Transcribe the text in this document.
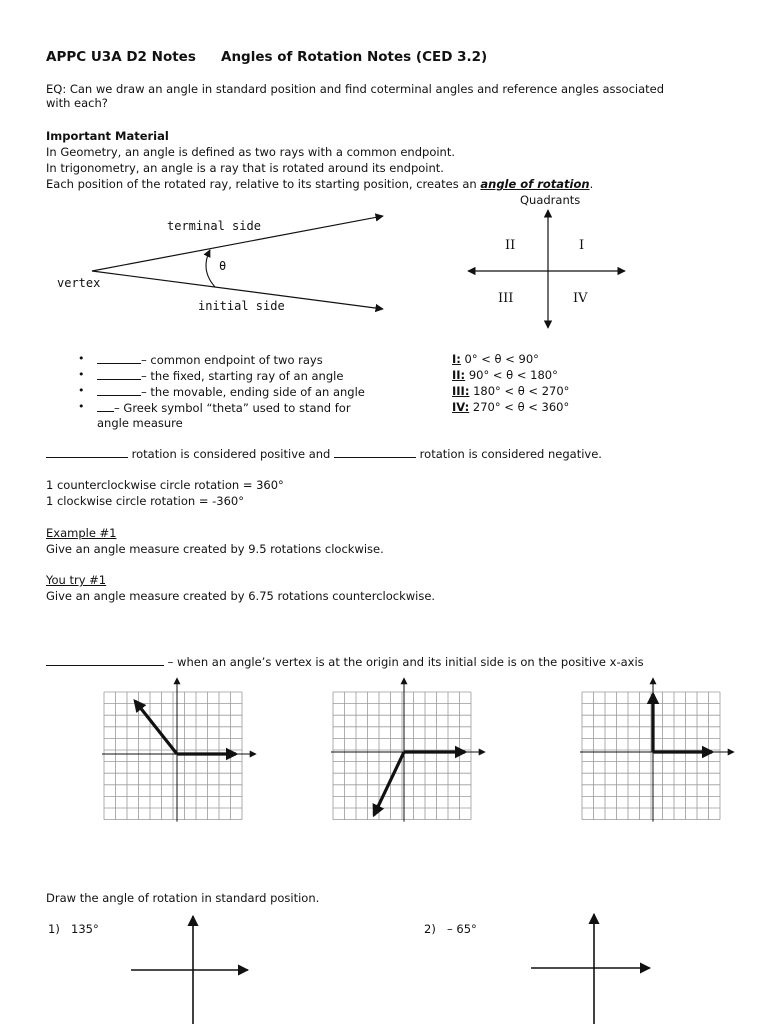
APPC U3A D2 Notes Angles of Rotation Notes (CED 3.2)
EQ: Can we draw an angle in standard position and find coterminal angles and reference angles associated
with each?
Important Material
In Geometry, an angle is defined as two rays with a common endpoint.
In trigonometry, an angle is a ray that is rotated around its endpoint.
Each position of the rotated ray, relative to its starting position, creates an angle of rotation.
Quadrants
terminal side
initial side
vertex
θ
II	I
III	IV
•	– common endpoint of two rays
•	– the fixed, starting ray of an angle
•	– the movable, ending side of an angle
•	– Greek symbol “theta” used to stand for
angle measure
I: 0° < θ < 90°
II: 90° < θ < 180°
III: 180° < θ < 270°
IV: 270° < θ < 360°
rotation is considered positive and	rotation is considered negative.
1 counterclockwise circle rotation = 360°
1 clockwise circle rotation = -360°
Example #1
Give an angle measure created by 9.5 rotations clockwise.
You try #1
Give an angle measure created by 6.75 rotations counterclockwise.
– when an angle’s vertex is at the origin and its initial side is on the positive x-axis
Draw the angle of rotation in standard position.
1) 135°	2) – 65°
